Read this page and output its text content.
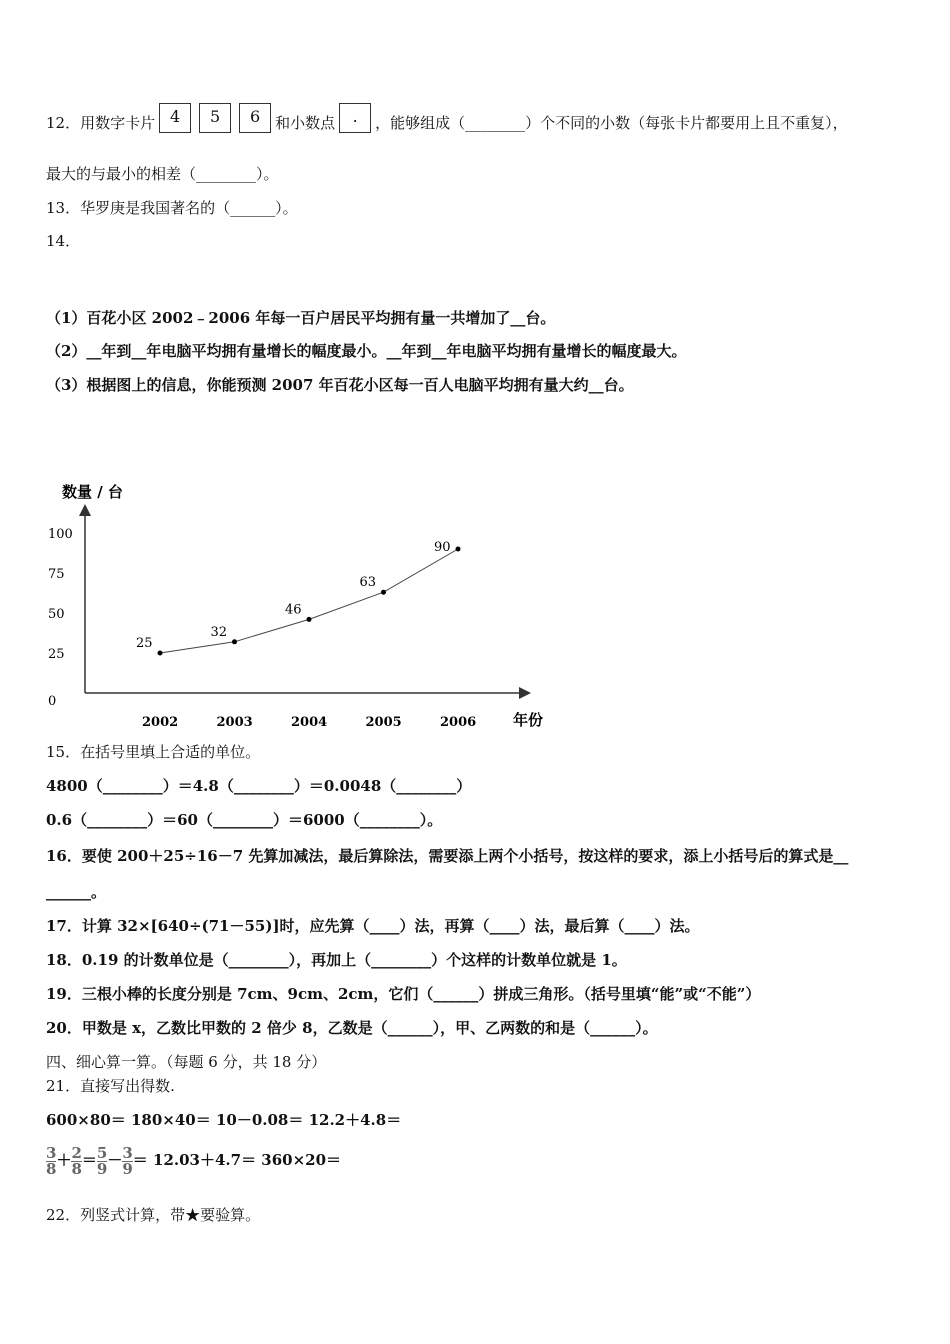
12．用数字卡片 4 5 6 和小数点 . ，能够组成（________）个不同的小数（每张卡片都要用上且不重复），
最大的与最小的相差（________）。
13．华罗庚是我国著名的（______）。
14．
（1）百花小区 2002﹣2006 年每一百户居民平均拥有量一共增加了__台。
（2）__年到__年电脑平均拥有量增长的幅度最小。__年到__年电脑平均拥有量增长的幅度最大。
（3）根据图上的信息，你能预测 2007 年百花小区每一百人电脑平均拥有量大约__台。
数量 / 台
年份
0
25
50
75
100
2002	2003	2004	2005	2006
25
32
46
63
90
15．在括号里填上合适的单位。
4800（________）＝4.8（________）＝0.0048（________）
0.6（________）＝60（________）＝6000（________）。
16．要使 200＋25÷16－7 先算加减法，最后算除法，需要添上两个小括号，按这样的要求，添上小括号后的算式是__
______。
17．计算 32×[640÷(71－55)]时，应先算（____）法，再算（____）法，最后算（____）法。
18．0.19 的计数单位是（________），再加上（________）个这样的计数单位就是 1。
19．三根小棒的长度分别是 7cm、9cm、2cm，它们（______）拼成三角形。（括号里填“能”或“不能”）
20．甲数是 x，乙数比甲数的 2 倍少 8，乙数是（______），甲、乙两数的和是（______）。
四、细心算一算。（每题 6 分，共 18 分）
21．直接写出得数.
600×80＝ 180×40＝ 10－0.08＝ 12.2＋4.8＝
$\frac{3}{8} + \frac{2}{8} = \frac{5}{9} - \frac{3}{9} = 12.03+4.7= 360\times 20=$
22．列竖式计算，带★要验算。
